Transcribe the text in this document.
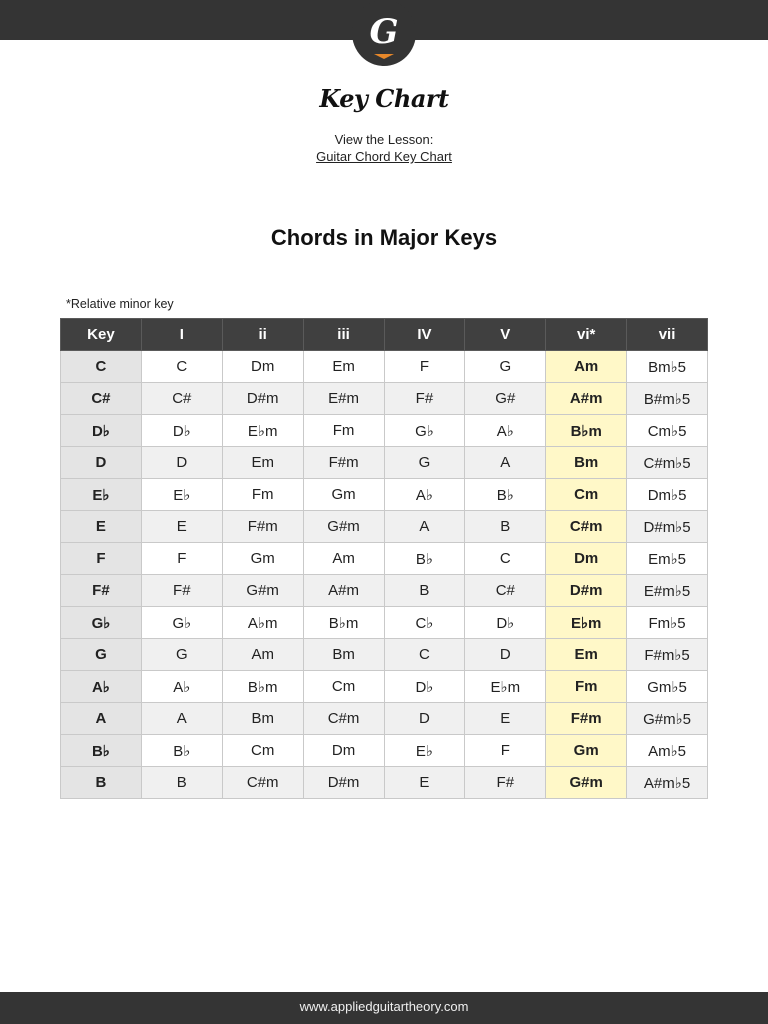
G
Key Chart
View the Lesson:
Guitar Chord Key Chart
Chords in Major Keys
*Relative minor key
Key	I	ii	iii	IV	V	vi*	vii
C	C	Dm	Em	F	G	Am	Bm♭5
C#	C#	D#m	E#m	F#	G#	A#m	B#m♭5
D♭	D♭	E♭m	Fm	G♭	A♭	B♭m	Cm♭5
D	D	Em	F#m	G	A	Bm	C#m♭5
E♭	E♭	Fm	Gm	A♭	B♭	Cm	Dm♭5
E	E	F#m	G#m	A	B	C#m	D#m♭5
F	F	Gm	Am	B♭	C	Dm	Em♭5
F#	F#	G#m	A#m	B	C#	D#m	E#m♭5
G♭	G♭	A♭m	B♭m	C♭	D♭	E♭m	Fm♭5
G	G	Am	Bm	C	D	Em	F#m♭5
A♭	A♭	B♭m	Cm	D♭	E♭m	Fm	Gm♭5
A	A	Bm	C#m	D	E	F#m	G#m♭5
B♭	B♭	Cm	Dm	E♭	F	Gm	Am♭5
B	B	C#m	D#m	E	F#	G#m	A#m♭5
www.appliedguitartheory.com
